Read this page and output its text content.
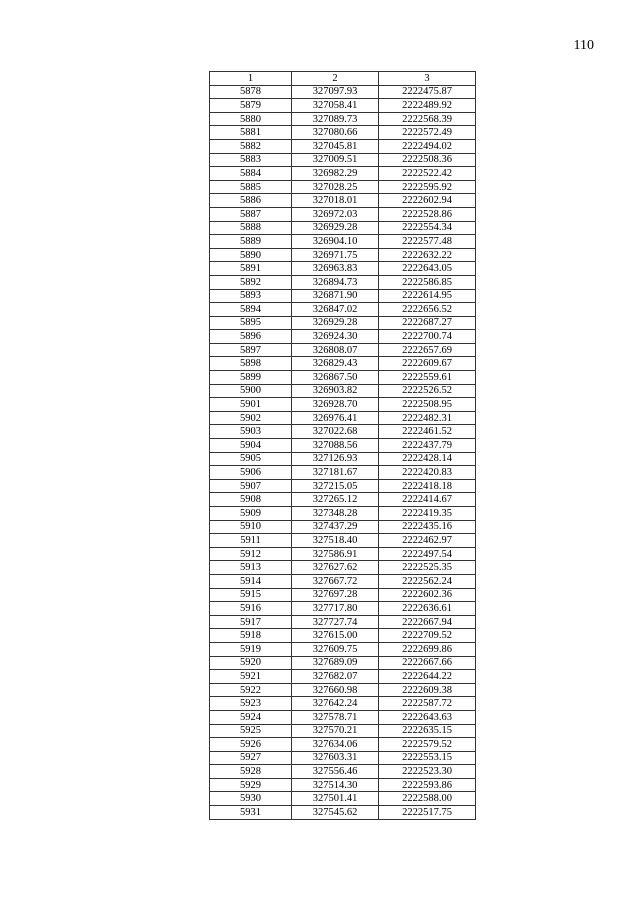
110
1	2	3
5878	327097.93	2222475.87
5879	327058.41	2222489.92
5880	327089.73	2222568.39
5881	327080.66	2222572.49
5882	327045.81	2222494.02
5883	327009.51	2222508.36
5884	326982.29	2222522.42
5885	327028.25	2222595.92
5886	327018.01	2222602.94
5887	326972.03	2222528.86
5888	326929.28	2222554.34
5889	326904.10	2222577.48
5890	326971.75	2222632.22
5891	326963.83	2222643.05
5892	326894.73	2222586.85
5893	326871.90	2222614.95
5894	326847.02	2222656.52
5895	326929.28	2222687.27
5896	326924.30	2222700.74
5897	326808.07	2222657.69
5898	326829.43	2222609.67
5899	326867.50	2222559.61
5900	326903.82	2222526.52
5901	326928.70	2222508.95
5902	326976.41	2222482.31
5903	327022.68	2222461.52
5904	327088.56	2222437.79
5905	327126.93	2222428.14
5906	327181.67	2222420.83
5907	327215.05	2222418.18
5908	327265.12	2222414.67
5909	327348.28	2222419.35
5910	327437.29	2222435.16
5911	327518.40	2222462.97
5912	327586.91	2222497.54
5913	327627.62	2222525.35
5914	327667.72	2222562.24
5915	327697.28	2222602.36
5916	327717.80	2222636.61
5917	327727.74	2222667.94
5918	327615.00	2222709.52
5919	327609.75	2222699.86
5920	327689.09	2222667.66
5921	327682.07	2222644.22
5922	327660.98	2222609.38
5923	327642.24	2222587.72
5924	327578.71	2222643.63
5925	327570.21	2222635.15
5926	327634.06	2222579.52
5927	327603.31	2222553.15
5928	327556.46	2222523.30
5929	327514.30	2222593.86
5930	327501.41	2222588.00
5931	327545.62	2222517.75
